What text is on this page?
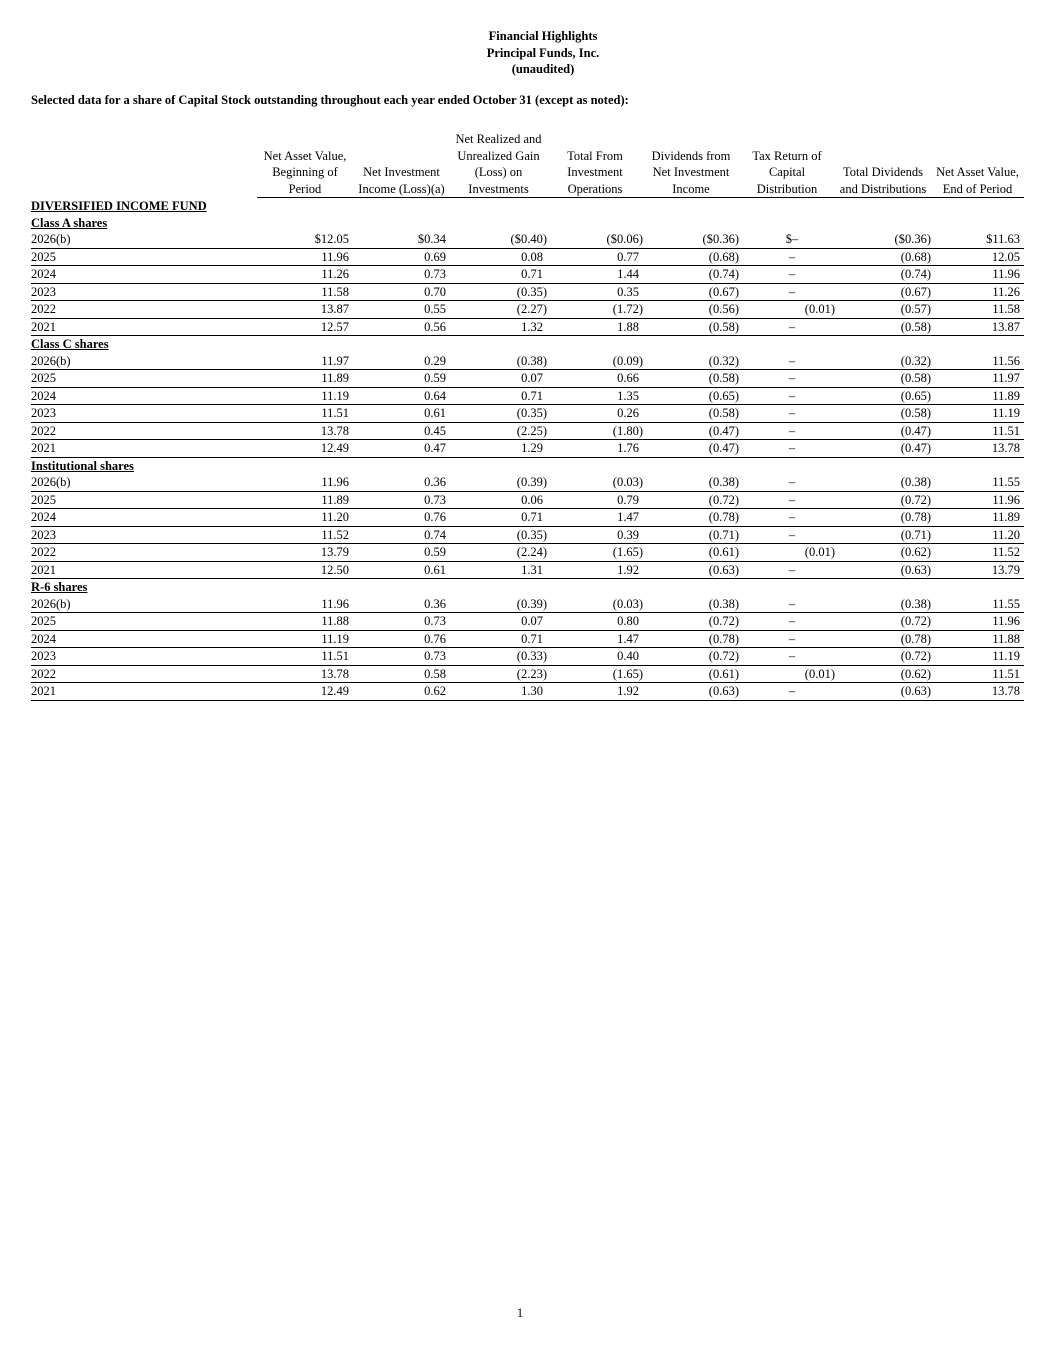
Financial Highlights
Principal Funds, Inc.
(unaudited)
Selected data for a share of Capital Stock outstanding throughout each year ended October 31 (except as noted):
	Net Asset Value, Beginning of Period	Net Investment Income (Loss)(a)	Net Realized and Unrealized Gain (Loss) on Investments	Total From Investment Operations	Dividends from Net Investment Income	Tax Return of Capital Distribution	Total Dividends and Distributions	Net Asset Value, End of Period
DIVERSIFIED INCOME FUND								
Class A shares								
2026(b)	$12.05	$0.34	($0.40)	($0.06)	($0.36)	$–	($0.36)	$11.63
2025	11.96	0.69	0.08	0.77	(0.68)	–	(0.68)	12.05
2024	11.26	0.73	0.71	1.44	(0.74)	–	(0.74)	11.96
2023	11.58	0.70	(0.35)	0.35	(0.67)	–	(0.67)	11.26
2022	13.87	0.55	(2.27)	(1.72)	(0.56)	(0.01)	(0.57)	11.58
2021	12.57	0.56	1.32	1.88	(0.58)	–	(0.58)	13.87
Class C shares								
2026(b)	11.97	0.29	(0.38)	(0.09)	(0.32)	–	(0.32)	11.56
2025	11.89	0.59	0.07	0.66	(0.58)	–	(0.58)	11.97
2024	11.19	0.64	0.71	1.35	(0.65)	–	(0.65)	11.89
2023	11.51	0.61	(0.35)	0.26	(0.58)	–	(0.58)	11.19
2022	13.78	0.45	(2.25)	(1.80)	(0.47)	–	(0.47)	11.51
2021	12.49	0.47	1.29	1.76	(0.47)	–	(0.47)	13.78
Institutional shares								
2026(b)	11.96	0.36	(0.39)	(0.03)	(0.38)	–	(0.38)	11.55
2025	11.89	0.73	0.06	0.79	(0.72)	–	(0.72)	11.96
2024	11.20	0.76	0.71	1.47	(0.78)	–	(0.78)	11.89
2023	11.52	0.74	(0.35)	0.39	(0.71)	–	(0.71)	11.20
2022	13.79	0.59	(2.24)	(1.65)	(0.61)	(0.01)	(0.62)	11.52
2021	12.50	0.61	1.31	1.92	(0.63)	–	(0.63)	13.79
R-6 shares								
2026(b)	11.96	0.36	(0.39)	(0.03)	(0.38)	–	(0.38)	11.55
2025	11.88	0.73	0.07	0.80	(0.72)	–	(0.72)	11.96
2024	11.19	0.76	0.71	1.47	(0.78)	–	(0.78)	11.88
2023	11.51	0.73	(0.33)	0.40	(0.72)	–	(0.72)	11.19
2022	13.78	0.58	(2.23)	(1.65)	(0.61)	(0.01)	(0.62)	11.51
2021	12.49	0.62	1.30	1.92	(0.63)	–	(0.63)	13.78
1
